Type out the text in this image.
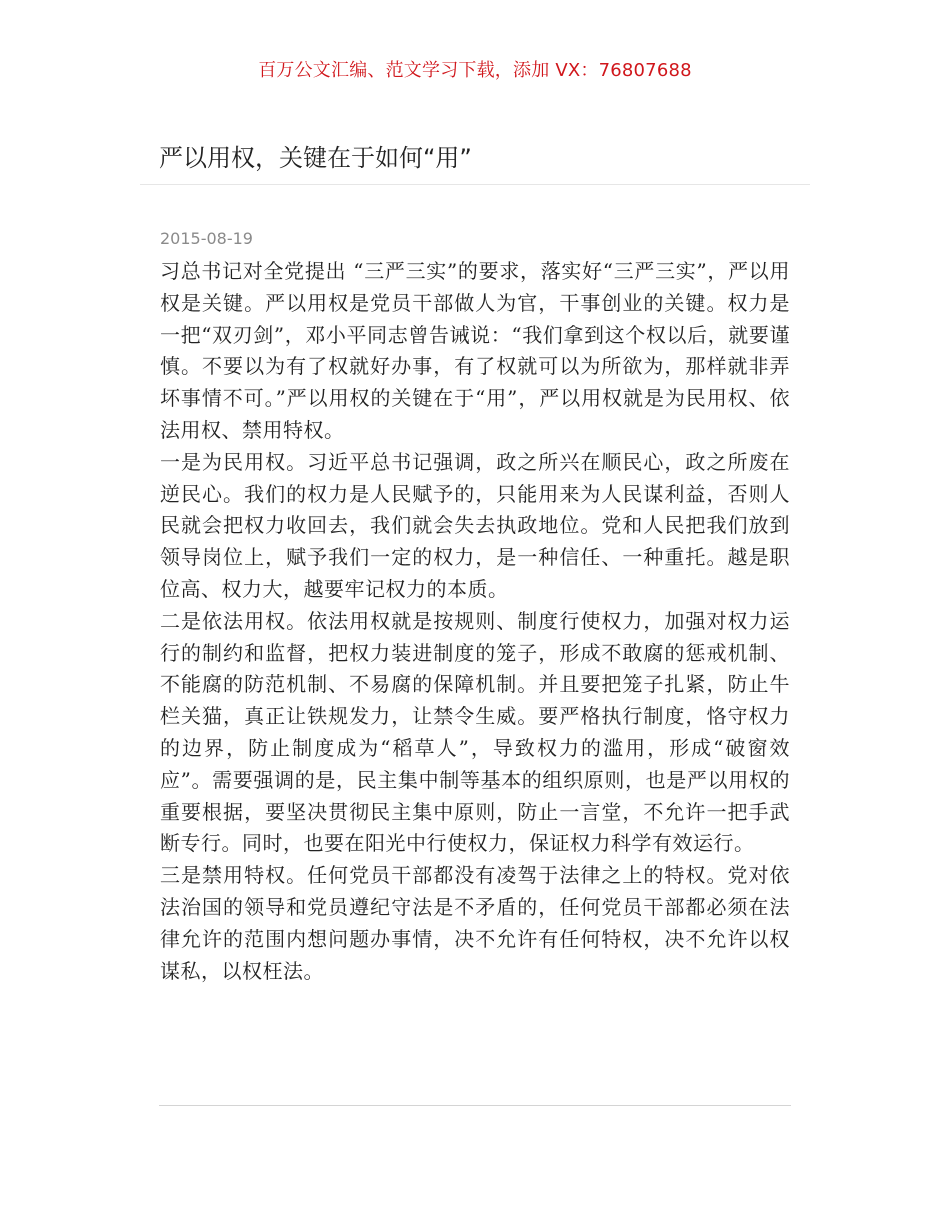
百万公文汇编、范文学习下载，添加 VX：76807688
严以用权，关键在于如何“用”
2015-08-19

习总书记对全党提出 “三严三实”的要求，落实好“三严三实”，严以用权是关键。严以用权是党员干部做人为官，干事创业的关键。权力是一把“双刃剑”，邓小平同志曾告诫说：“我们拿到这个权以后，就要谨慎。不要以为有了权就好办事，有了权就可以为所欲为，那样就非弄坏事情不可。”严以用权的关键在于“用”，严以用权就是为民用权、依法用权、禁用特权。

一是为民用权。习近平总书记强调，政之所兴在顺民心，政之所废在逆民心。我们的权力是人民赋予的，只能用来为人民谋利益，否则人民就会把权力收回去，我们就会失去执政地位。党和人民把我们放到领导岗位上，赋予我们一定的权力，是一种信任、一种重托。越是职位高、权力大，越要牢记权力的本质。

二是依法用权。依法用权就是按规则、制度行使权力，加强对权力运行的制约和监督，把权力装进制度的笼子，形成不敢腐的惩戒机制、不能腐的防范机制、不易腐的保障机制。并且要把笼子扎紧，防止牛栏关猫，真正让铁规发力，让禁令生威。要严格执行制度，恪守权力的边界，防止制度成为“稻草人”，导致权力的滥用，形成“破窗效应”。需要强调的是，民主集中制等基本的组织原则，也是严以用权的重要根据，要坚决贯彻民主集中原则，防止一言堂，不允许一把手武断专行。同时，也要在阳光中行使权力，保证权力科学有效运行。

三是禁用特权。任何党员干部都没有凌驾于法律之上的特权。党对依法治国的领导和党员遵纪守法是不矛盾的，任何党员干部都必须在法律允许的范围内想问题办事情，决不允许有任何特权，决不允许以权谋私，以权枉法。
